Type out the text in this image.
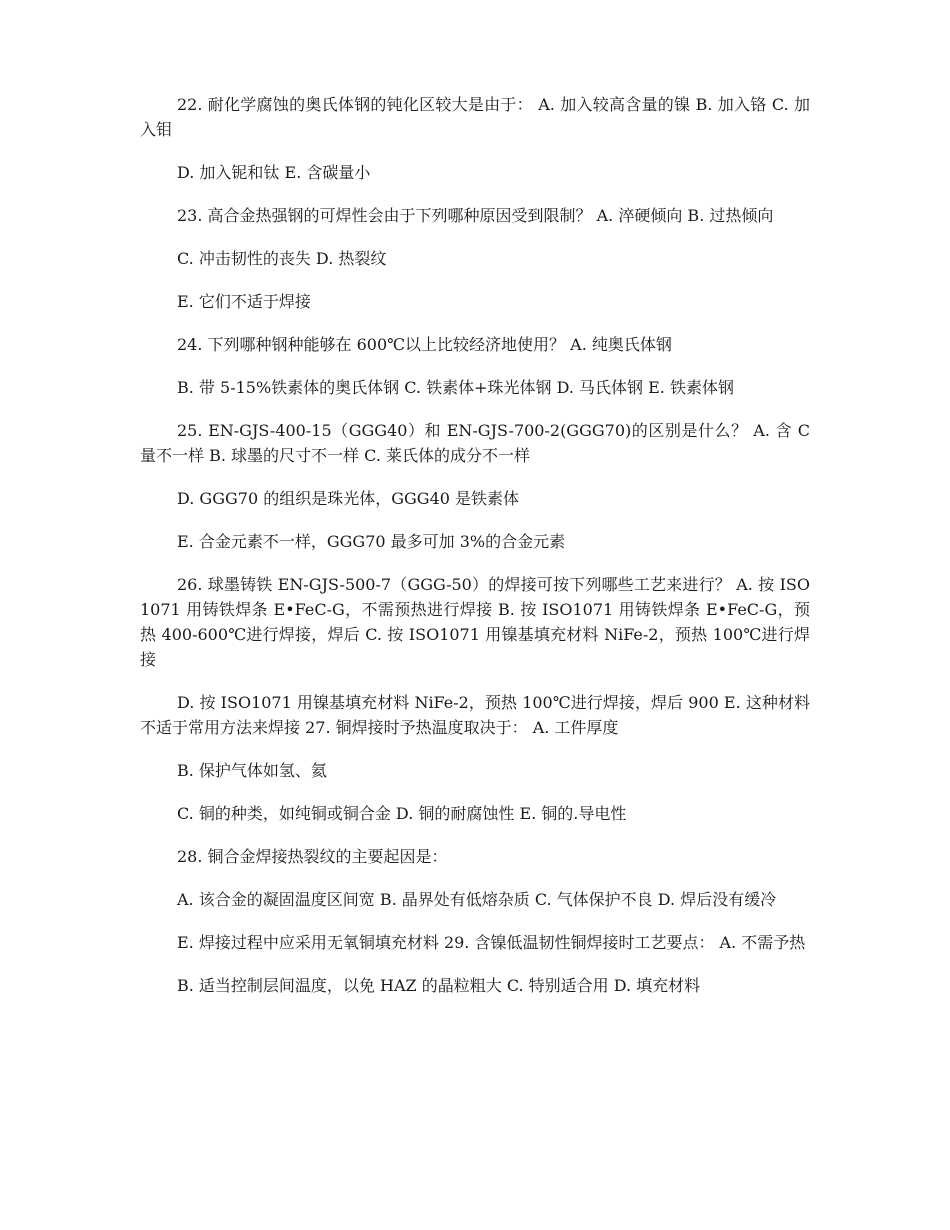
22. 耐化学腐蚀的奥氏体钢的钝化区较大是由于： A. 加入较高含量的镍 B. 加入铬 C. 加入钼

D. 加入铌和钛 E. 含碳量小

23. 高合金热强钢的可焊性会由于下列哪种原因受到限制？ A. 淬硬倾向 B. 过热倾向

C. 冲击韧性的丧失 D. 热裂纹

E. 它们不适于焊接

24. 下列哪种钢种能够在 600℃以上比较经济地使用？ A. 纯奥氏体钢

B. 带 5-15%铁素体的奥氏体钢 C. 铁素体+珠光体钢 D. 马氏体钢 E. 铁素体钢

25. EN-GJS-400-15（GGG40）和 EN-GJS-700-2(GGG70)的区别是什么？ A. 含 C 量不一样 B. 球墨的尺寸不一样 C. 莱氏体的成分不一样

D. GGG70 的组织是珠光体，GGG40 是铁素体

E. 合金元素不一样，GGG70 最多可加 3%的合金元素

26. 球墨铸铁 EN-GJS-500-7（GGG-50）的焊接可按下列哪些工艺来进行？ A. 按 ISO1071 用铸铁焊条 E•FeC-G，不需预热进行焊接 B. 按 ISO1071 用铸铁焊条 E•FeC-G，预热 400-600℃进行焊接，焊后 C. 按 ISO1071 用镍基填充材料 NiFe-2，预热 100℃进行焊接

D. 按 ISO1071 用镍基填充材料 NiFe-2，预热 100℃进行焊接，焊后 900 E. 这种材料不适于常用方法来焊接 27. 铜焊接时予热温度取决于： A. 工件厚度

B. 保护气体如氢、氦

C. 铜的种类，如纯铜或铜合金 D. 铜的耐腐蚀性 E. 铜的.导电性

28. 铜合金焊接热裂纹的主要起因是：

A. 该合金的凝固温度区间宽 B. 晶界处有低熔杂质 C. 气体保护不良 D. 焊后没有缓冷

E. 焊接过程中应采用无氧铜填充材料 29. 含镍低温韧性铜焊接时工艺要点： A. 不需予热

B. 适当控制层间温度，以免 HAZ 的晶粒粗大 C. 特别适合用 D. 填充材料
